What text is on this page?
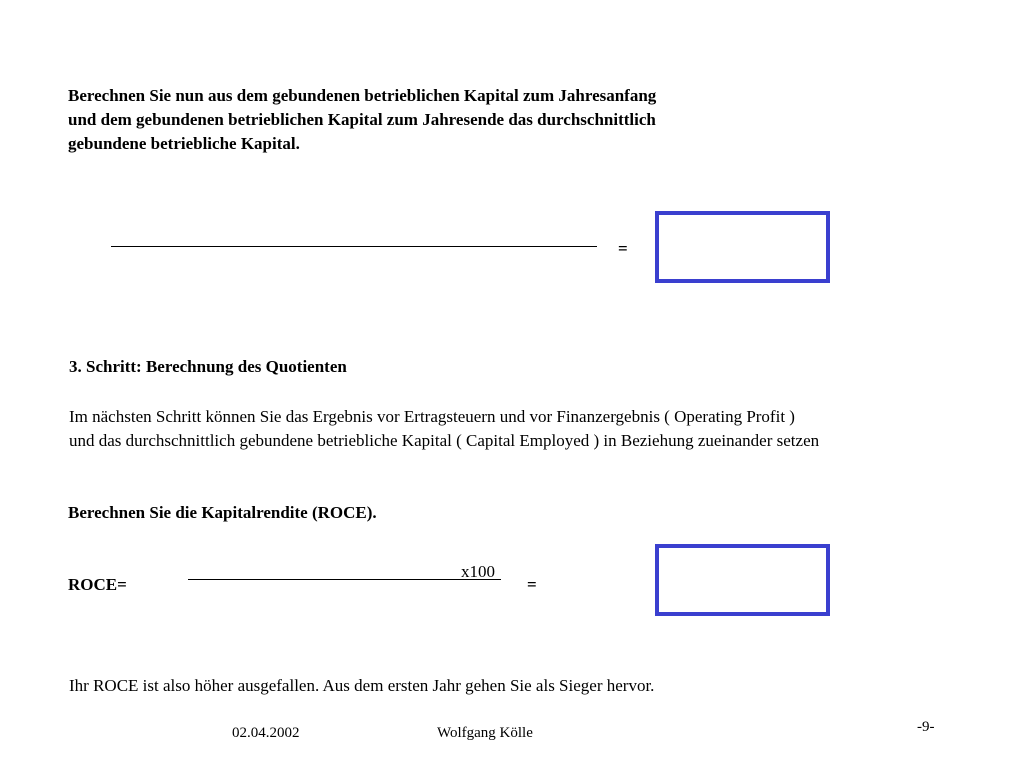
Berechnen Sie nun aus dem gebundenen betrieblichen Kapital zum Jahresanfang
und dem gebundenen betrieblichen Kapital zum Jahresende das durchschnittlich
gebundene betriebliche Kapital.
=
3. Schritt: Berechnung des Quotienten
Im nächsten Schritt können Sie das Ergebnis vor Ertragsteuern und vor Finanzergebnis ( Operating Profit )
und das durchschnittlich gebundene betriebliche Kapital ( Capital Employed ) in Beziehung zueinander setzen
Berechnen Sie die Kapitalrendite (ROCE).
ROCE=
x100
=
Ihr ROCE ist also höher ausgefallen. Aus dem ersten Jahr gehen Sie als Sieger hervor.
02.04.2002	Wolfgang Kölle	-9-
